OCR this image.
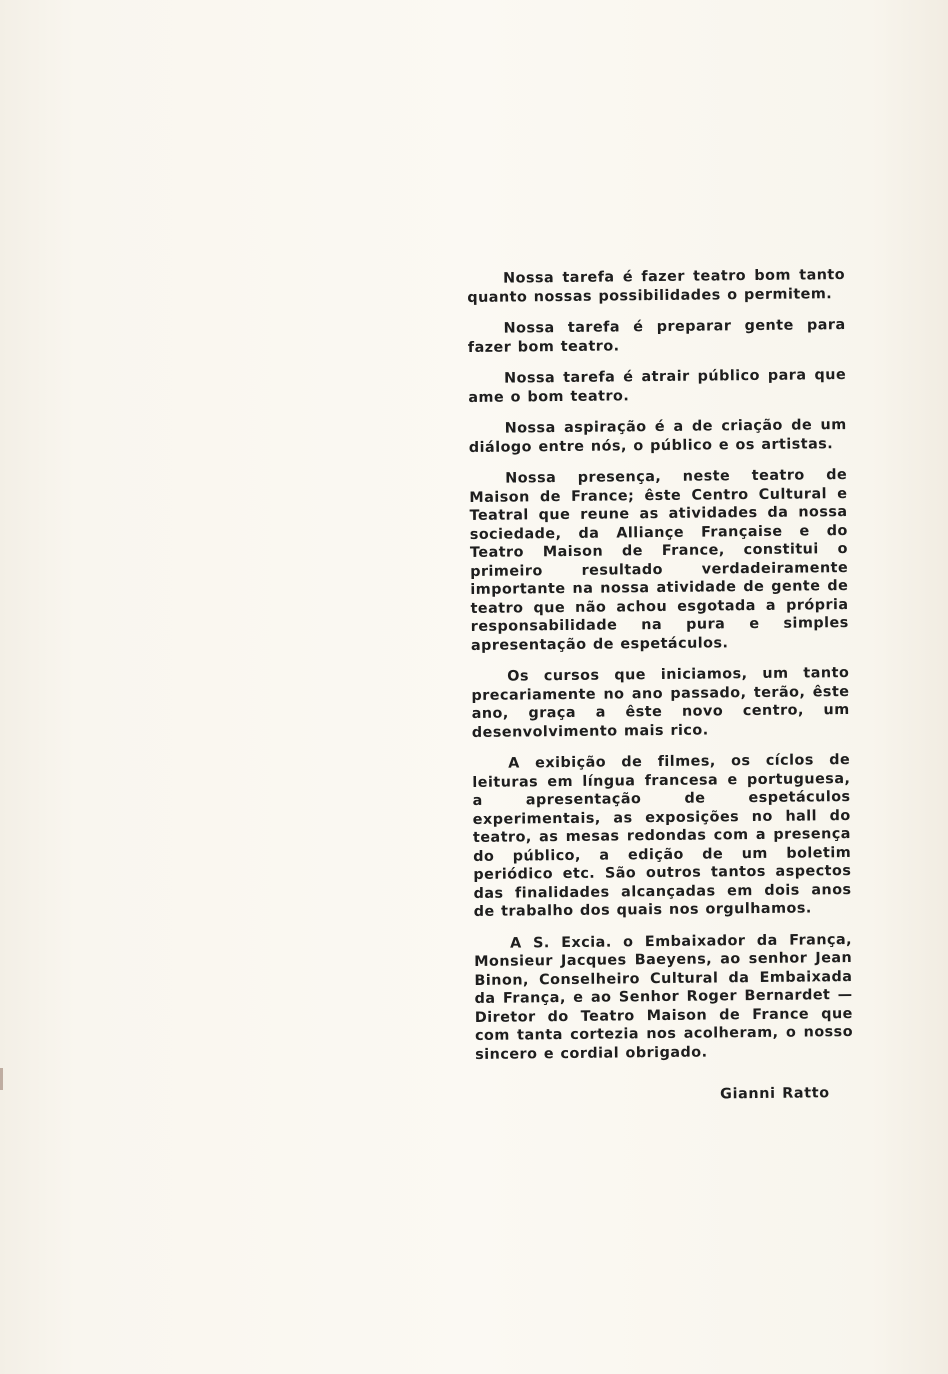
Nossa tarefa é fazer teatro bom tanto quanto nossas possibilidades o permitem.

Nossa tarefa é preparar gente para fazer bom teatro.

Nossa tarefa é atrair público para que ame o bom teatro.

Nossa aspiração é a de criação de um diálogo entre nós, o público e os artistas.

Nossa presença, neste teatro de Maison de France; êste Centro Cultural e Teatral que reune as atividades da nossa sociedade, da Alliançe Française e do Teatro Maison de France, constitui o primeiro resultado verdadeiramente importante na nossa atividade de gente de teatro que não achou esgotada a própria responsabilidade na pura e simples apresentação de espetáculos.

Os cursos que iniciamos, um tanto precariamente no ano passado, terão, êste ano, graça a êste novo centro, um desenvolvimento mais rico.

A exibição de filmes, os cíclos de leituras em língua francesa e portuguesa, a apresentação de espetáculos experimentais, as exposições no hall do teatro, as mesas redondas com a presença do público, a edição de um boletim periódico etc. São outros tantos aspectos das finalidades alcançadas em dois anos de trabalho dos quais nos orgulhamos.

A S. Excia. o Embaixador da França, Monsieur Jacques Baeyens, ao senhor Jean Binon, Conselheiro Cultural da Embaixada da França, e ao Senhor Roger Bernardet — Diretor do Teatro Maison de France que com tanta cortezia nos acolheram, o nosso sincero e cordial obrigado.

Gianni Ratto
